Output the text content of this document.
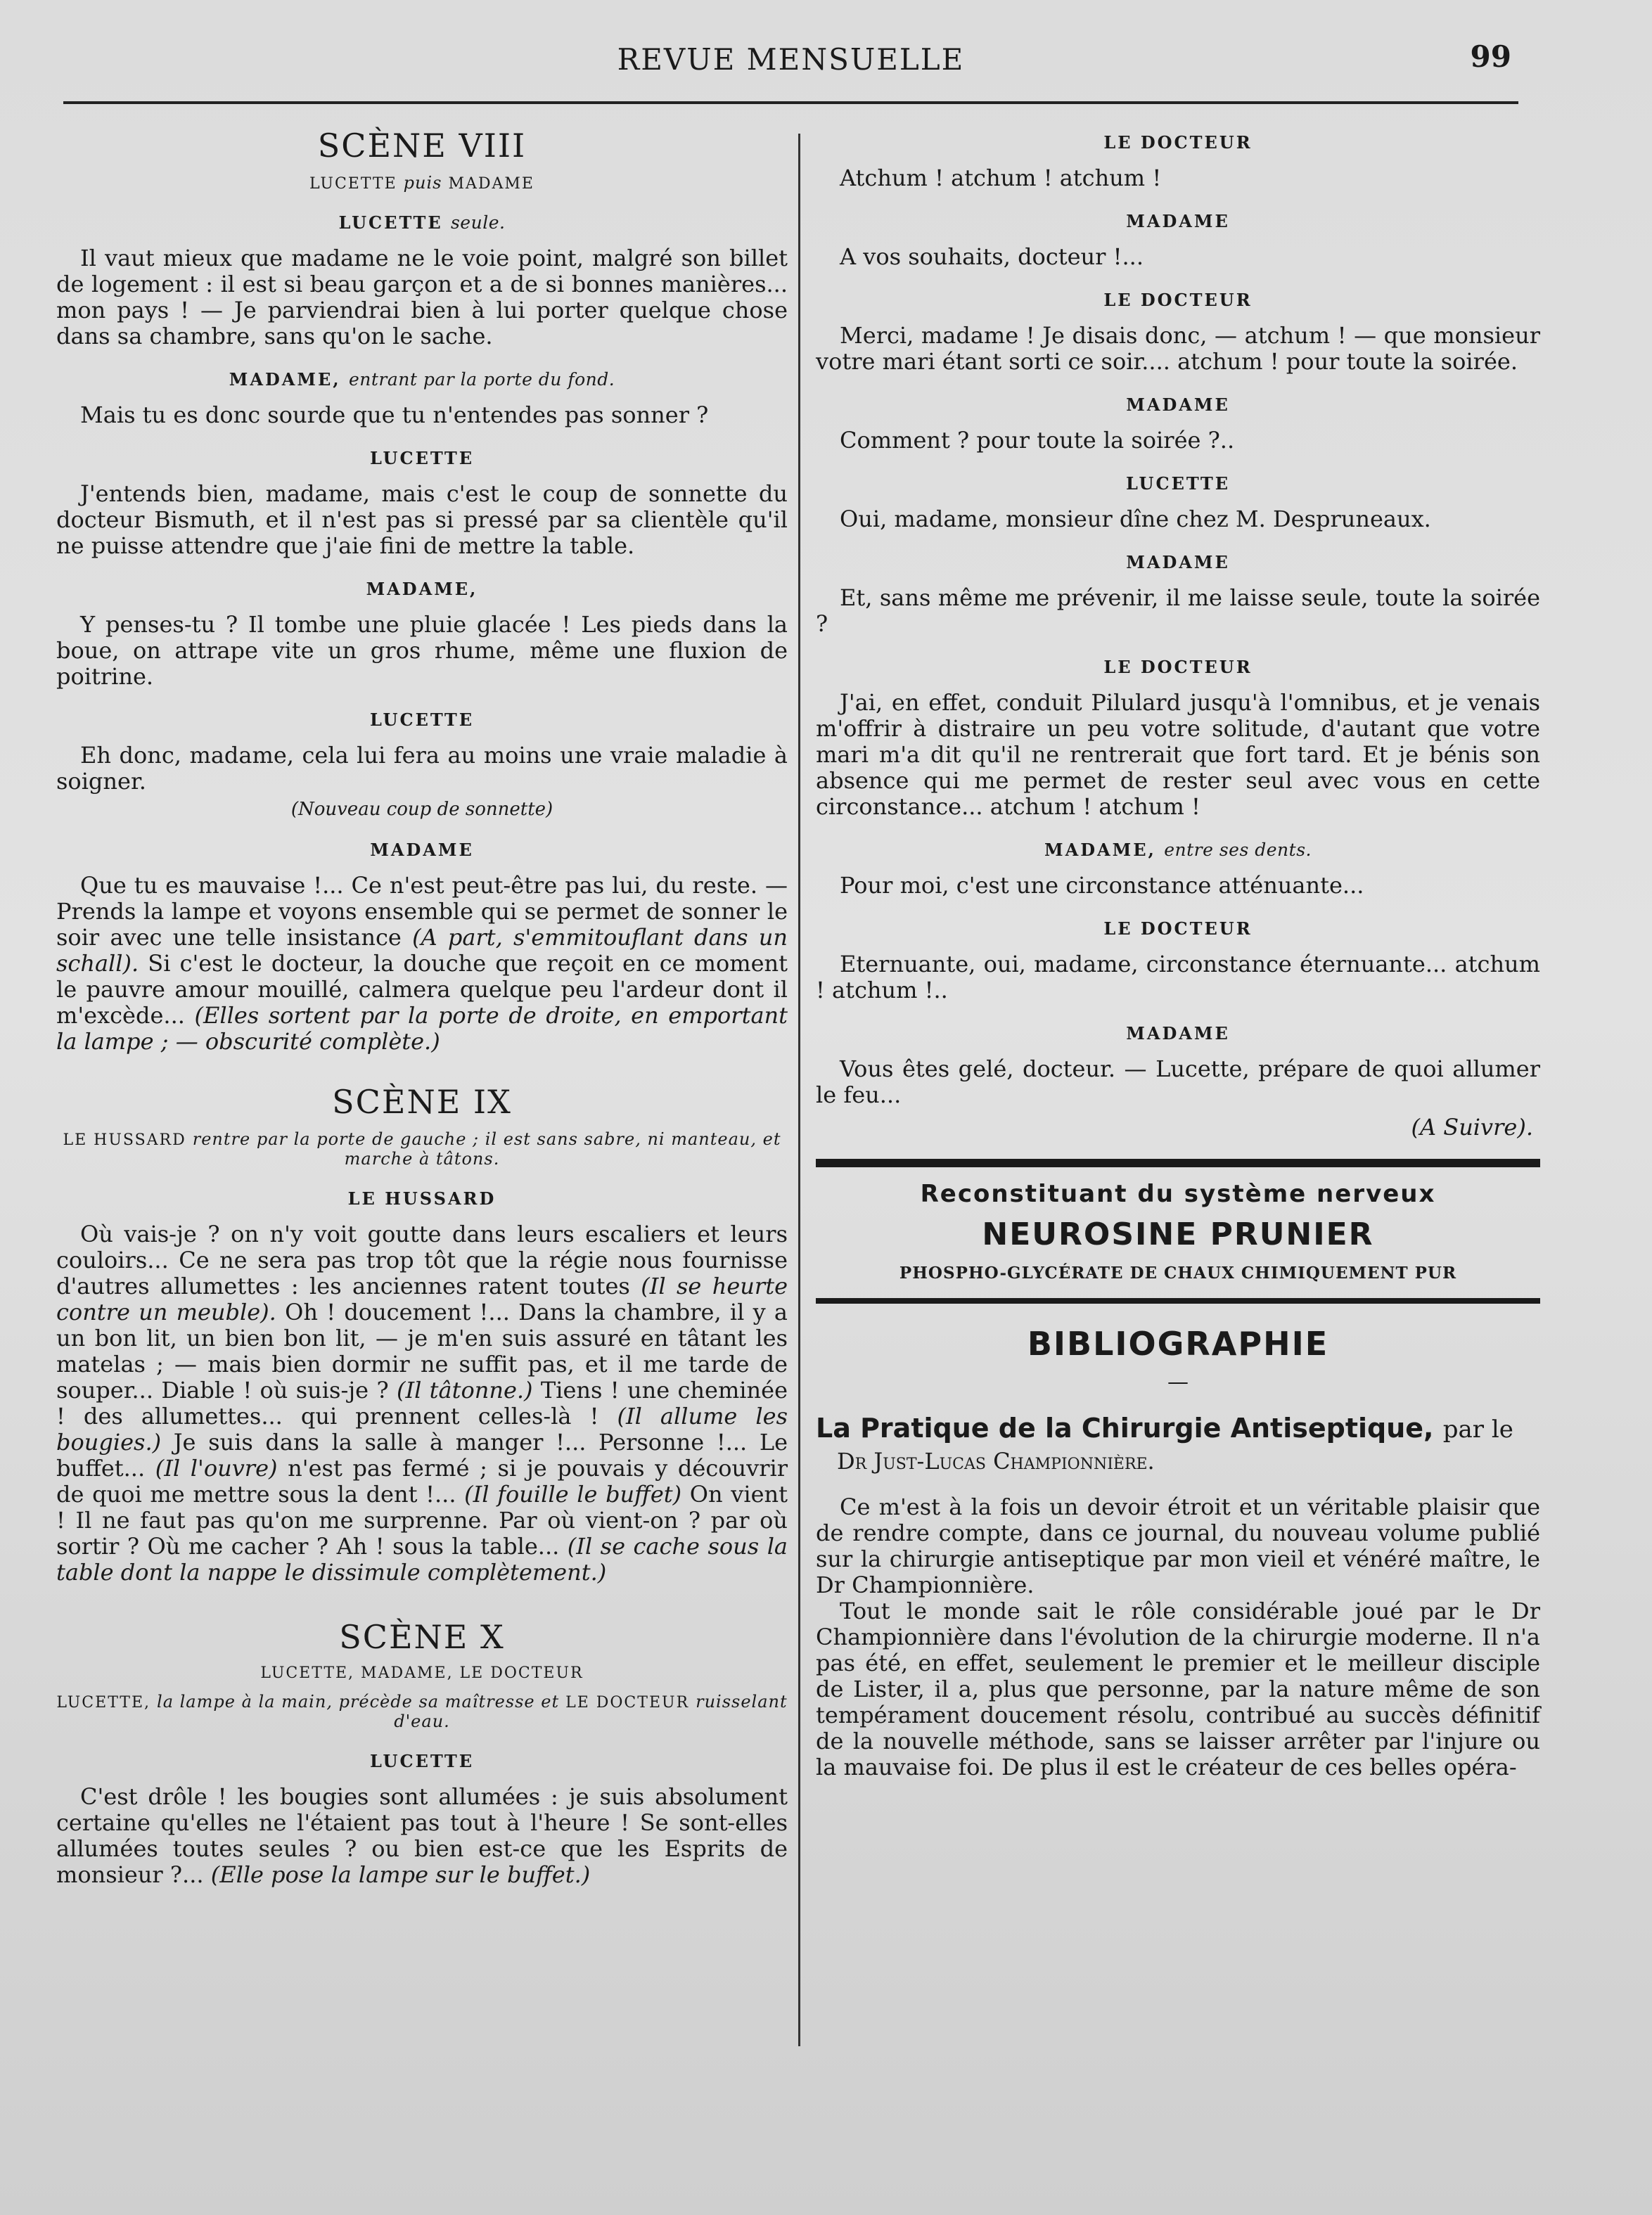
REVUE MENSUELLE	99
SCÈNE VIII
LUCETTE puis MADAME
LUCETTE seule.

Il vaut mieux que madame ne le voie point, malgré son billet de logement : il est si beau garçon et a de si bonnes manières... mon pays ! — Je parviendrai bien à lui porter quelque chose dans sa chambre, sans qu'on le sache.

MADAME, entrant par la porte du fond.

Mais tu es donc sourde que tu n'entendes pas sonner ?

LUCETTE

J'entends bien, madame, mais c'est le coup de sonnette du docteur Bismuth, et il n'est pas si pressé par sa clientèle qu'il ne puisse attendre que j'aie fini de mettre la table.

MADAME,

Y penses-tu ? Il tombe une pluie glacée ! Les pieds dans la boue, on attrape vite un gros rhume, même une fluxion de poitrine.

LUCETTE

Eh donc, madame, cela lui fera au moins une vraie maladie à soigner.

(Nouveau coup de sonnette)
MADAME

Que tu es mauvaise !... Ce n'est peut-être pas lui, du reste. — Prends la lampe et voyons ensemble qui se permet de sonner le soir avec une telle insistance (A part, s'emmitouflant dans un schall). Si c'est le docteur, la douche que reçoit en ce moment le pauvre amour mouillé, calmera quelque peu l'ardeur dont il m'excède... (Elles sortent par la porte de droite, en emportant la lampe ; — obscurité complète.)

SCÈNE IX
LE HUSSARD rentre par la porte de gauche ; il est sans sabre, ni manteau, et marche à tâtons.
LE HUSSARD

Où vais-je ? on n'y voit goutte dans leurs escaliers et leurs couloirs... Ce ne sera pas trop tôt que la régie nous fournisse d'autres allumettes : les anciennes ratent toutes (Il se heurte contre un meuble). Oh ! doucement !... Dans la chambre, il y a un bon lit, un bien bon lit, — je m'en suis assuré en tâtant les matelas ; — mais bien dormir ne suffit pas, et il me tarde de souper... Diable ! où suis-je ? (Il tâtonne.) Tiens ! une cheminée ! des allumettes... qui prennent celles-là ! (Il allume les bougies.) Je suis dans la salle à manger !... Personne !... Le buffet... (Il l'ouvre) n'est pas fermé ; si je pouvais y découvrir de quoi me mettre sous la dent !... (Il fouille le buffet) On vient ! Il ne faut pas qu'on me surprenne. Par où vient-on ? par où sortir ? Où me cacher ? Ah ! sous la table... (Il se cache sous la table dont la nappe le dissimule complètement.)

SCÈNE X
LUCETTE, MADAME, LE DOCTEUR
LUCETTE, la lampe à la main, précède sa maîtresse et LE DOCTEUR ruisselant d'eau.
LUCETTE

C'est drôle ! les bougies sont allumées : je suis absolument certaine qu'elles ne l'étaient pas tout à l'heure ! Se sont-elles allumées toutes seules ? ou bien est-ce que les Esprits de monsieur ?... (Elle pose la lampe sur le buffet.)

LE DOCTEUR

Atchum ! atchum ! atchum !

MADAME

A vos souhaits, docteur !...

LE DOCTEUR

Merci, madame ! Je disais donc, — atchum ! — que monsieur votre mari étant sorti ce soir.... atchum ! pour toute la soirée.

MADAME

Comment ? pour toute la soirée ?..

LUCETTE

Oui, madame, monsieur dîne chez M. Despruneaux.

MADAME

Et, sans même me prévenir, il me laisse seule, toute la soirée ?

LE DOCTEUR

J'ai, en effet, conduit Pilulard jusqu'à l'omnibus, et je venais m'offrir à distraire un peu votre solitude, d'autant que votre mari m'a dit qu'il ne rentrerait que fort tard. Et je bénis son absence qui me permet de rester seul avec vous en cette circonstance... atchum ! atchum !

MADAME, entre ses dents.

Pour moi, c'est une circonstance atténuante...

LE DOCTEUR

Eternuante, oui, madame, circonstance éternuante... atchum ! atchum !..

MADAME

Vous êtes gelé, docteur. — Lucette, prépare de quoi allumer le feu...

(A Suivre).
Reconstituant du système nerveux
NEUROSINE PRUNIER
PHOSPHO-GLYCÉRATE DE CHAUX CHIMIQUEMENT PUR
BIBLIOGRAPHIE
—
La Pratique de la Chirurgie Antiseptique, par le
Dr Just-Lucas Championnière.

Ce m'est à la fois un devoir étroit et un véritable plaisir que de rendre compte, dans ce journal, du nouveau volume publié sur la chirurgie antiseptique par mon vieil et vénéré maître, le Dr Championnière.

Tout le monde sait le rôle considérable joué par le Dr Championnière dans l'évolution de la chirurgie moderne. Il n'a pas été, en effet, seulement le premier et le meilleur disciple de Lister, il a, plus que personne, par la nature même de son tempérament doucement résolu, contribué au succès définitif de la nouvelle méthode, sans se laisser arrêter par l'injure ou la mauvaise foi. De plus il est le créateur de ces belles opéra-
